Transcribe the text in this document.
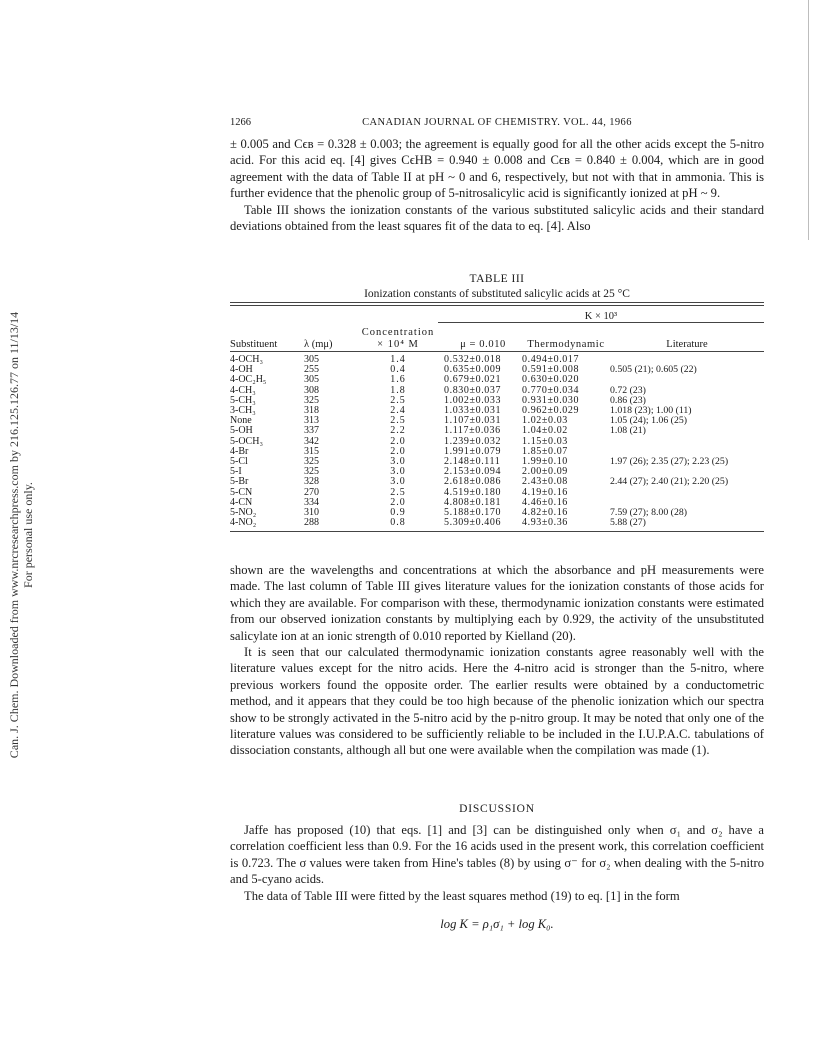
Can. J. Chem. Downloaded from www.nrcresearchpress.com by 216.125.126.77 on 11/13/14 For personal use only.
1266	CANADIAN JOURNAL OF CHEMISTRY. VOL. 44, 1966

± 0.005 and Cϵʙ = 0.328 ± 0.003; the agreement is equally good for all the other acids except the 5-nitro acid. For this acid eq. [4] gives CϵHB = 0.940 ± 0.008 and Cϵʙ = 0.840 ± 0.004, which are in good agreement with the data of Table II at pH ~ 0 and 6, respectively, but not with that in ammonia. This is further evidence that the phenolic group of 5-nitrosalicylic acid is significantly ionized at pH ~ 9.

Table III shows the ionization constants of the various substituted salicylic acids and their standard deviations obtained from the least squares fit of the data to eq. [4]. Also

TABLE III
Ionization constants of substituted salicylic acids at 25 °C
			K × 10³		
Substituent	λ (mμ)	Concentration
× 10⁴ M	μ = 0.010	Thermodynamic	Literature
4-OCH₃	305	1.4	0.532±0.018	0.494±0.017	
4-OH	255	0.4	0.635±0.009	0.591±0.008	0.505 (21); 0.605 (22)
4-OC₂H₅	305	1.6	0.679±0.021	0.630±0.020	
4-CH₃	308	1.8	0.830±0.037	0.770±0.034	0.72 (23)
5-CH₃	325	2.5	1.002±0.033	0.931±0.030	0.86 (23)
3-CH₃	318	2.4	1.033±0.031	0.962±0.029	1.018 (23); 1.00 (11)
None	313	2.5	1.107±0.031	1.02±0.03	1.05 (24); 1.06 (25)
5-OH	337	2.2	1.117±0.036	1.04±0.02	1.08 (21)
5-OCH₃	342	2.0	1.239±0.032	1.15±0.03	
4-Br	315	2.0	1.991±0.079	1.85±0.07	
5-Cl	325	3.0	2.148±0.111	1.99±0.10	1.97 (26); 2.35 (27); 2.23 (25)
5-I	325	3.0	2.153±0.094	2.00±0.09	
5-Br	328	3.0	2.618±0.086	2.43±0.08	2.44 (27); 2.40 (21); 2.20 (25)
5-CN	270	2.5	4.519±0.180	4.19±0.16	
4-CN	334	2.0	4.808±0.181	4.46±0.16	
5-NO₂	310	0.9	5.188±0.170	4.82±0.16	7.59 (27); 8.00 (28)
4-NO₂	288	0.8	5.309±0.406	4.93±0.36	5.88 (27)

shown are the wavelengths and concentrations at which the absorbance and pH measurements were made. The last column of Table III gives literature values for the ionization constants of those acids for which they are available. For comparison with these, thermodynamic ionization constants were estimated from our observed ionization constants by multiplying each by 0.929, the activity of the unsubstituted salicylate ion at an ionic strength of 0.010 reported by Kielland (20).

It is seen that our calculated thermodynamic ionization constants agree reasonably well with the literature values except for the nitro acids. Here the 4-nitro acid is stronger than the 5-nitro, where previous workers found the opposite order. The earlier results were obtained by a conductometric method, and it appears that they could be too high because of the phenolic ionization which our spectra show to be strongly activated in the 5-nitro acid by the p-nitro group. It may be noted that only one of the literature values was considered to be sufficiently reliable to be included in the I.U.P.A.C. tabulations of dissociation constants, although all but one were available when the compilation was made (1).

DISCUSSION

Jaffe has proposed (10) that eqs. [1] and [3] can be distinguished only when σ₁ and σ₂ have a correlation coefficient less than 0.9. For the 16 acids used in the present work, this correlation coefficient is 0.723. The σ values were taken from Hine's tables (8) by using σ⁻ for σ₂ when dealing with the 5-nitro and 5-cyano acids.

The data of Table III were fitted by the least squares method (19) to eq. [1] in the form

log K = ρ₁σ₁ + log K₀.
